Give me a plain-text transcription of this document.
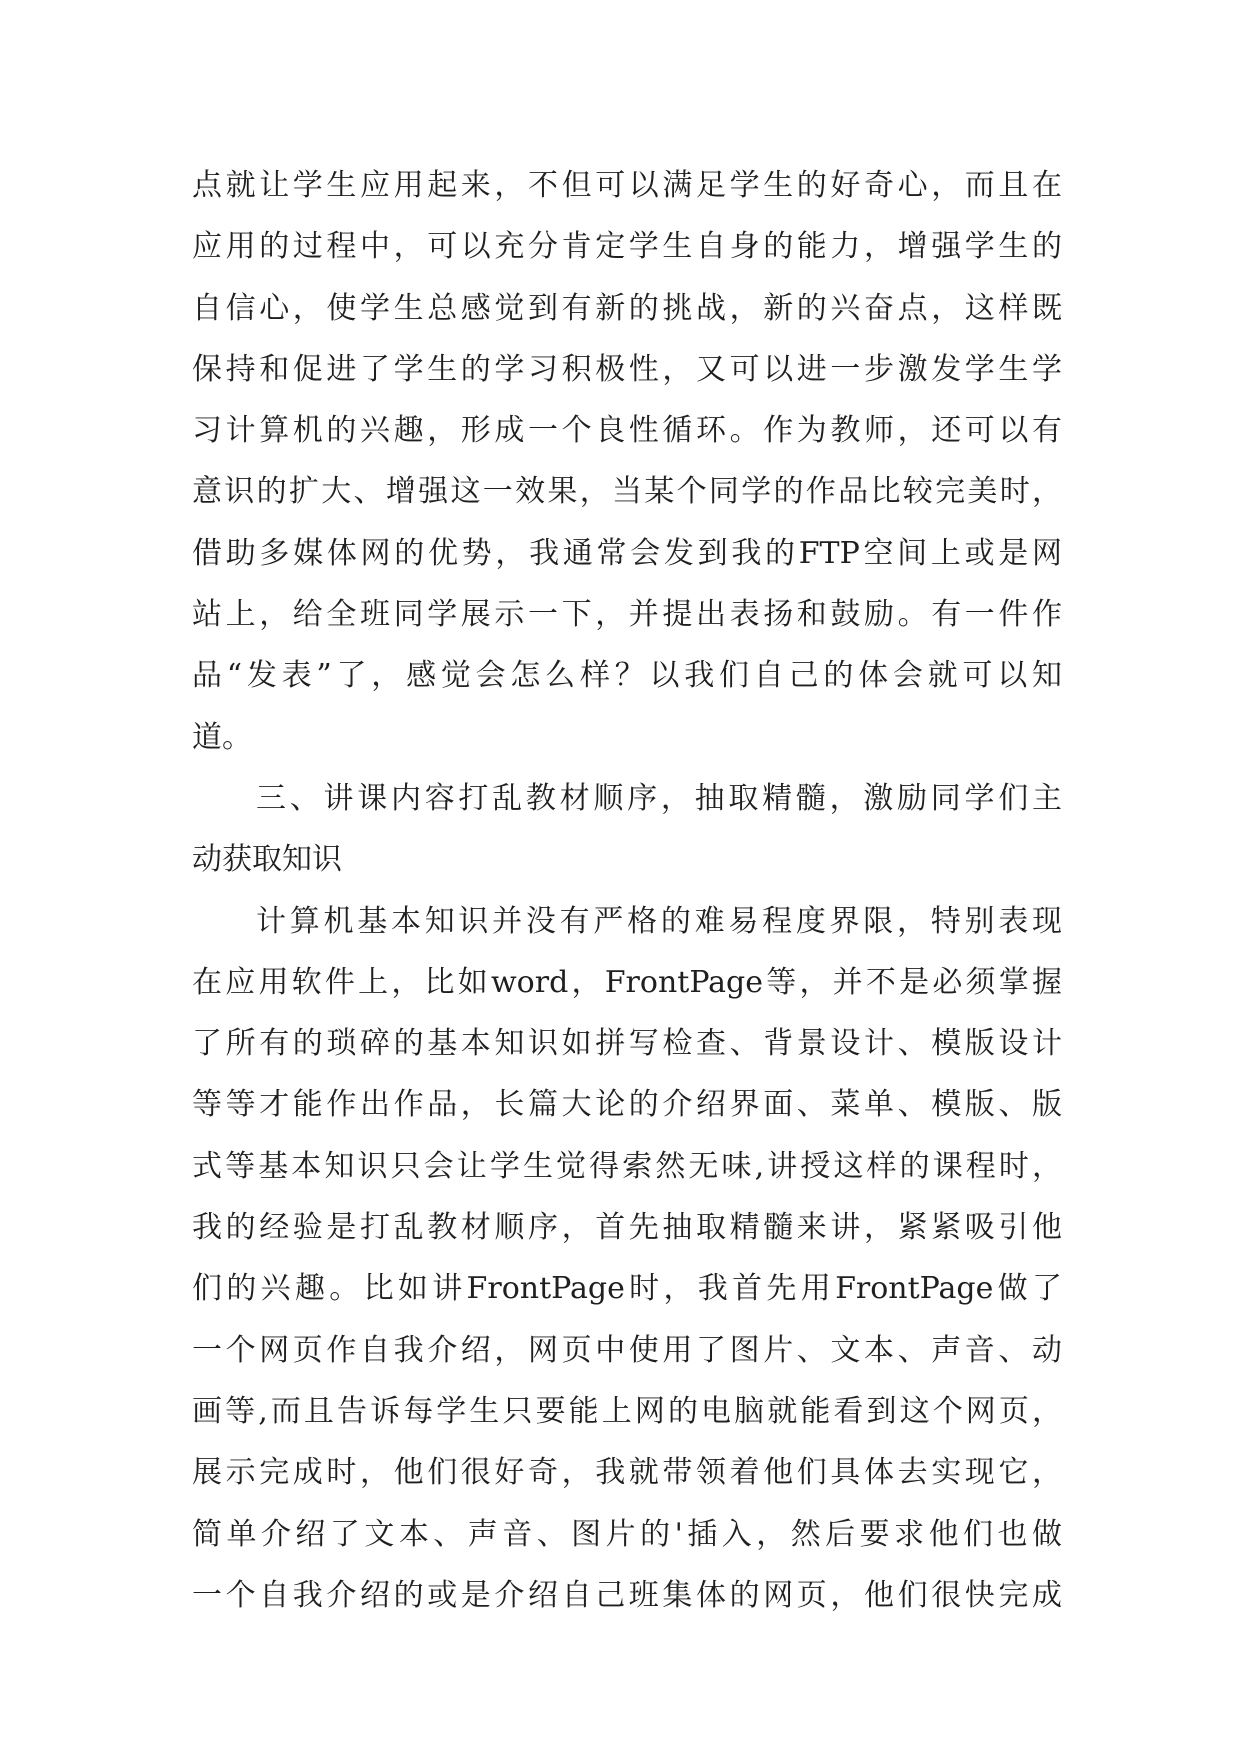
点就让学生应用起来，不但可以满足学生的好奇心，而且在
应用的过程中，可以充分肯定学生自身的能力，增强学生的
自信心，使学生总感觉到有新的挑战，新的兴奋点，这样既
保持和促进了学生的学习积极性，又可以进一步激发学生学
习计算机的兴趣，形成一个良性循环。作为教师，还可以有
意识的扩大、增强这一效果，当某个同学的作品比较完美时，
借助多媒体网的优势，我通常会发到我的FTP空间上或是网
站上，给全班同学展示一下，并提出表扬和鼓励。有一件作
品“发表”了，感觉会怎么样？以我们自己的体会就可以知
道。
三、讲课内容打乱教材顺序，抽取精髓，激励同学们主
动获取知识
计算机基本知识并没有严格的难易程度界限，特别表现
在应用软件上，比如word，FrontPage等，并不是必须掌握
了所有的琐碎的基本知识如拼写检查、背景设计、模版设计
等等才能作出作品，长篇大论的介绍界面、菜单、模版、版
式等基本知识只会让学生觉得索然无味,讲授这样的课程时，
我的经验是打乱教材顺序，首先抽取精髓来讲，紧紧吸引他
们的兴趣。比如讲FrontPage时，我首先用FrontPage做了
一个网页作自我介绍，网页中使用了图片、文本、声音、动
画等,而且告诉每学生只要能上网的电脑就能看到这个网页，
展示完成时，他们很好奇，我就带领着他们具体去实现它，
简单介绍了文本、声音、图片的'插入，然后要求他们也做
一个自我介绍的或是介绍自己班集体的网页，他们很快完成
